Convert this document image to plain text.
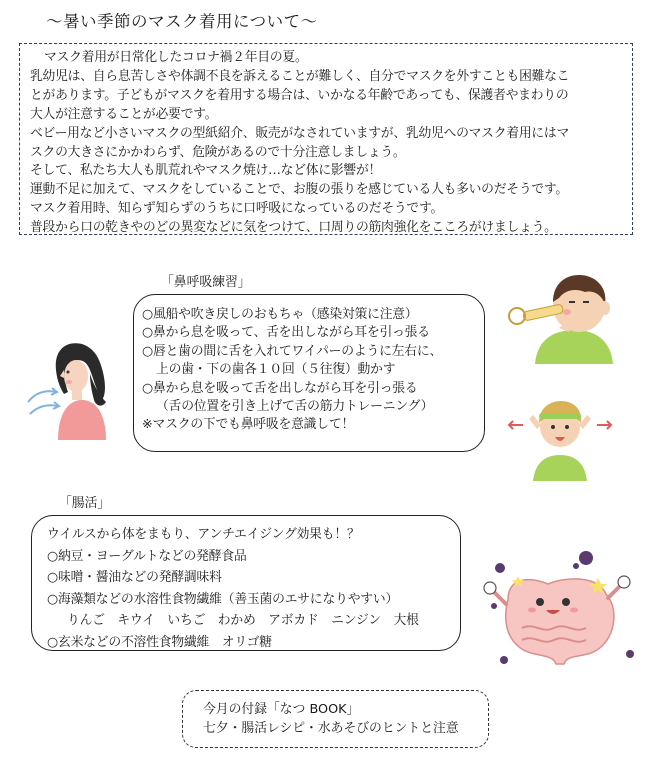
～暑い季節のマスク着用について～

マスク着用が日常化したコロナ禍２年目の夏。

乳幼児は、自ら息苦しさや体調不良を訴えることが難しく、自分でマスクを外すことも困難なこ

とがあります。子どもがマスクを着用する場合は、いかなる年齢であっても、保護者やまわりの

大人が注意することが必要です。

ベビー用など小さいマスクの型紙紹介、販売がなされていますが、乳幼児へのマスク着用にはマ

スクの大きさにかかわらず、危険があるので十分注意しましょう。

そして、私たち大人も肌荒れやマスク焼け…など体に影響が！

運動不足に加えて、マスクをしていることで、お腹の張りを感じている人も多いのだそうです。

マスク着用時、知らず知らずのうちに口呼吸になっているのだそうです。

普段から口の乾きやのどの異変などに気をつけて、口周りの筋肉強化をこころがけましょう。

「鼻呼吸練習」

○風船や吹き戻しのおもちゃ（感染対策に注意）

○鼻から息を吸って、舌を出しながら耳を引っ張る

○唇と歯の間に舌を入れてワイパーのように左右に、

上の歯・下の歯各１０回（５往復）動かす

○鼻から息を吸って舌を出しながら耳を引っ張る

（舌の位置を引き上げて舌の筋力トレーニング）

※マスクの下でも鼻呼吸を意識して！

「腸活」

ウイルスから体をまもり、アンチエイジング効果も！？

○納豆・ヨーグルトなどの発酵食品

○味噌・醤油などの発酵調味料

○海藻類などの水溶性食物繊維（善玉菌のエサになりやすい）

りんご　キウイ　いちご　わかめ　アボカド　ニンジン　大根

○玄米などの不溶性食物繊維　オリゴ糖

今月の付録「なつ BOOK」

七夕・腸活レシピ・水あそびのヒントと注意
